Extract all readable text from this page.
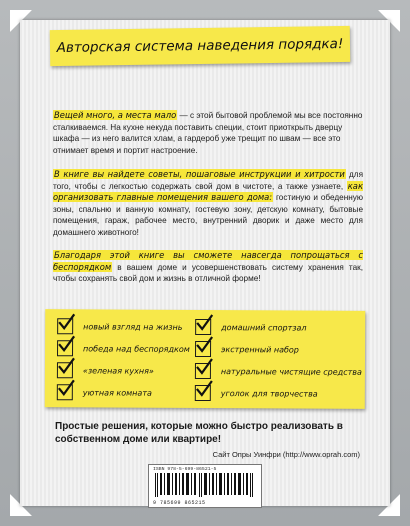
Авторская система наведения порядка!
Вещей много, а места мало — с этой бытовой проблемой мы все постоянно сталкиваемся. На кухне некуда поставить специи, стоит приоткрыть дверцу шкафа — из него валится хлам, а гардероб уже трещит по швам — все это отнимает время и портит настроение.
В книге вы найдете советы, пошаговые инструкции и хитрости для того, чтобы с легкостью содержать свой дом в чистоте, а также узнаете, как организовать главные помещения вашего дома: гостиную и обеденную зоны, спальню и ванную комнату, гостевую зону, детскую комнату, бытовые помещения, гараж, рабочее место, внутренний дворик и даже место для домашнего животного!
Благодаря этой книге вы сможете навсегда попрощаться с беспорядком в вашем доме и усовершенствовать систему хранения так, чтобы сохранять свой дом и жизнь в отличной форме!
новый взгляд на жизнь
победа над беспорядком
«зеленая кухня»
уютная комната
домашний спортзал
экстренный набор
натуральные чистящие средства
уголок для творчества
Простые решения, которые можно быстро реализовать в собственном доме или квартире!
Сайт Опры Уинфри (http://www.oprah.com)
ISBN 978-5-699-86521-5
9 785699 865215
